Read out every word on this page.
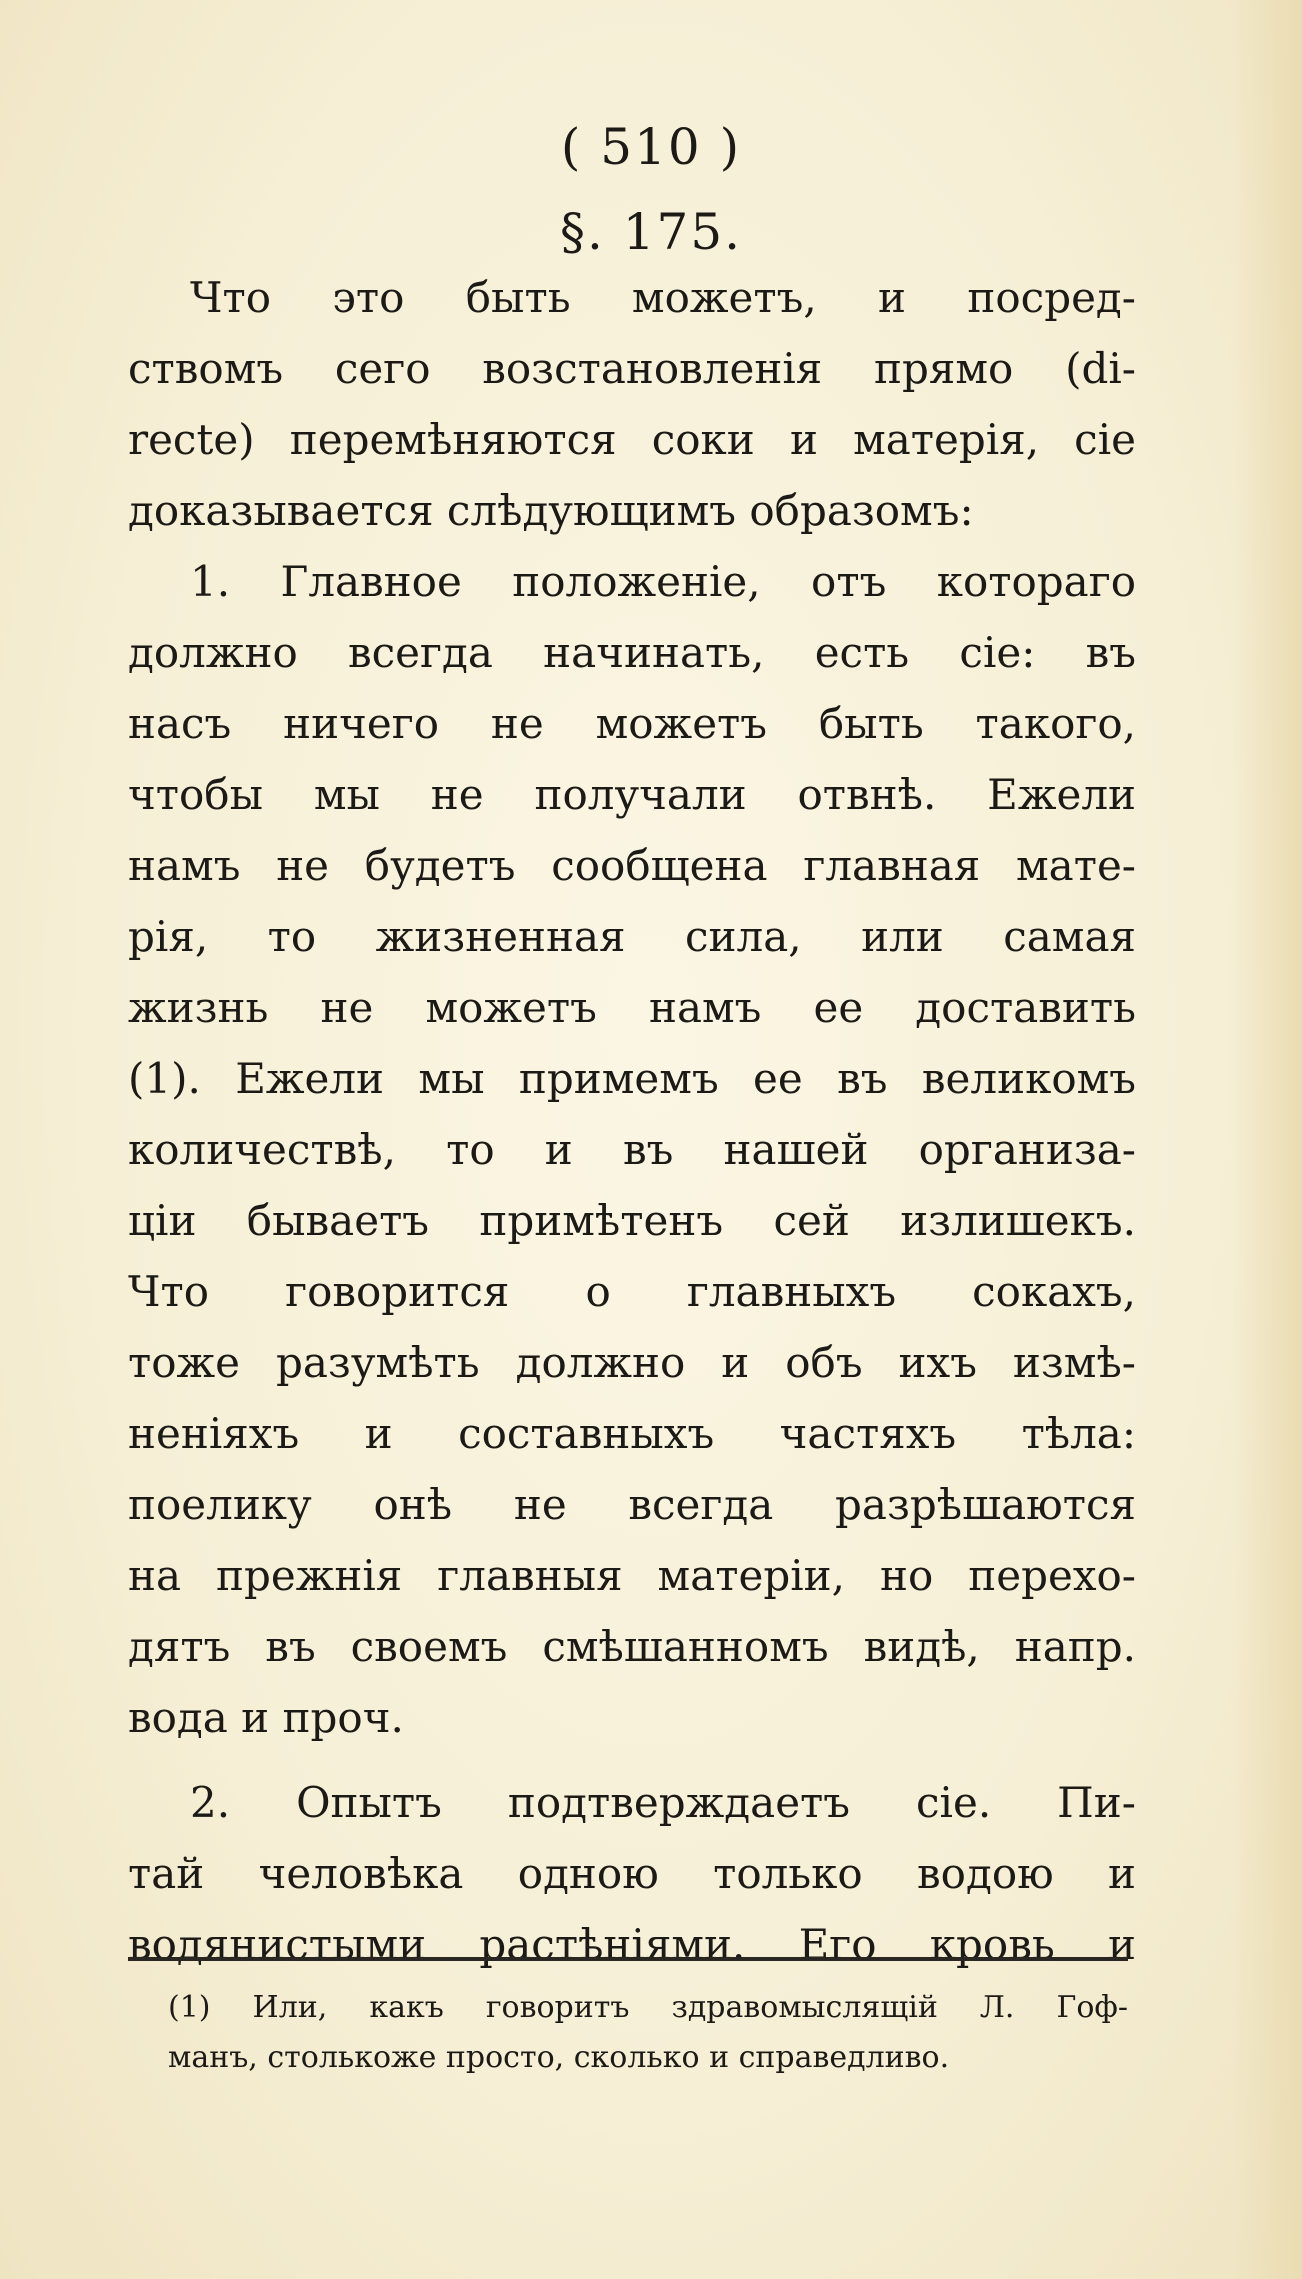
( 510 )
§. 175.
Что это быть можетъ, и посред-
ствомъ сего возстановленія прямо (di-
recte) перемѣняются соки и матерія, сіе
доказывается слѣдующимъ образомъ:
1. Главное положеніе, отъ котораго
должно всегда начинать, есть сіе: въ
насъ ничего не можетъ быть такого,
чтобы мы не получали отвнѣ. Ежели
намъ не будетъ сообщена главная мате-
рія, то жизненная сила, или самая
жизнь не можетъ намъ ее доставить
(1). Ежели мы примемъ ее въ великомъ
количествѣ, то и въ нашей организа-
ціи бываетъ примѣтенъ сей излишекъ.
Что говорится о главныхъ сокахъ,
тоже разумѣть должно и объ ихъ измѣ-
неніяхъ и составныхъ частяхъ тѣла:
поелику онѣ не всегда разрѣшаются
на прежнія главныя матеріи, но перехо-
дятъ въ своемъ смѣшанномъ видѣ, напр.
вода и проч.
2. Опытъ подтверждаетъ сіе. Пи-
тай человѣка одною только водою и
водянистыми растѣніями. Его кровь и
(1) Или, какъ говоритъ здравомыслящій Л. Гоф-
манъ, столькоже просто, сколько и справедливо.
